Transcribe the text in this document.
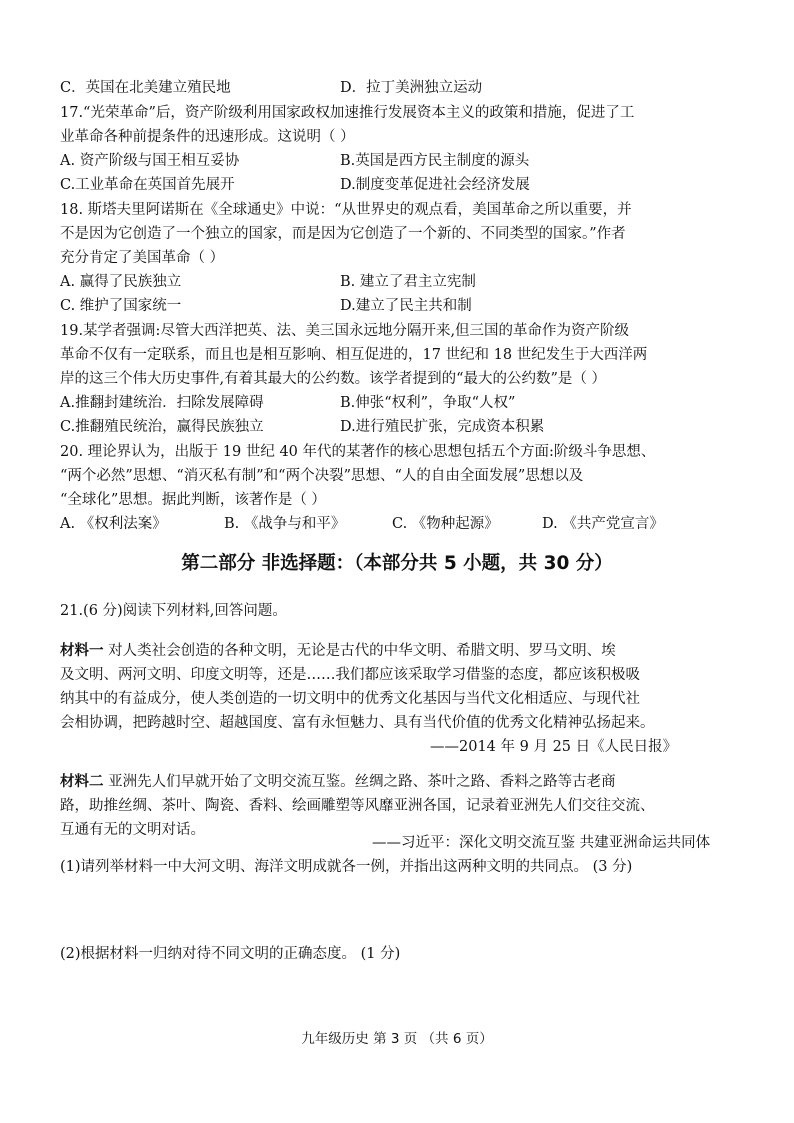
C．英国在北美建立殖民地	D．拉丁美洲独立运动
17.“光荣革命”后，资产阶级利用国家政权加速推行发展资本主义的政策和措施，促进了工
业革命各种前提条件的迅速形成。这说明（ ）
A. 资产阶级与国王相互妥协	B.英国是西方民主制度的源头
C.工业革命在英国首先展开	D.制度变革促进社会经济发展
18. 斯塔夫里阿诺斯在《全球通史》中说：“从世界史的观点看，美国革命之所以重要，并
不是因为它创造了一个独立的国家，而是因为它创造了一个新的、不同类型的国家。”作者
充分肯定了美国革命（ ）
A. 赢得了民族独立	B. 建立了君主立宪制
C. 维护了国家统一	D.建立了民主共和制
19.某学者强调:尽管大西洋把英、法、美三国永远地分隔开来,但三国的革命作为资产阶级
革命不仅有一定联系，而且也是相互影响、相互促进的，17 世纪和 18 世纪发生于大西洋两
岸的这三个伟大历史事件,有着其最大的公约数。该学者提到的“最大的公约数”是（ ）
A.推翻封建统治．扫除发展障碍	B.伸张“权利”，争取“人权”
C.推翻殖民统治，赢得民族独立	D.进行殖民扩张，完成资本积累
20. 理论界认为，出版于 19 世纪 40 年代的某著作的核心思想包括五个方面:阶级斗争思想、
“两个必然”思想、“消灭私有制”和“两个决裂”思想、“人的自由全面发展”思想以及
“全球化”思想。据此判断，该著作是（ ）
A. 《权利法案》	B. 《战争与和平》	C. 《物种起源》	D. 《共产党宣言》
第二部分 非选择题：（本部分共 5 小题，共 30 分）
21.(6 分)阅读下列材料,回答问题。
材料一 对人类社会创造的各种文明，无论是古代的中华文明、希腊文明、罗马文明、埃
及文明、两河文明、印度文明等，还是……我们都应该采取学习借鉴的态度，都应该积极吸
纳其中的有益成分，使人类创造的一切文明中的优秀文化基因与当代文化相适应、与现代社
会相协调，把跨越时空、超越国度、富有永恒魅力、具有当代价值的优秀文化精神弘扬起来。
——2014 年 9 月 25 日《人民日报》
材料二 亚洲先人们早就开始了文明交流互鉴。丝绸之路、茶叶之路、香料之路等古老商
路，助推丝绸、茶叶、陶瓷、香料、绘画雕塑等风靡亚洲各国，记录着亚洲先人们交往交流、
互通有无的文明对话。
——习近平：深化文明交流互鉴 共建亚洲命运共同体
(1)请列举材料一中大河文明、海洋文明成就各一例，并指出这两种文明的共同点。 (3 分)
(2)根据材料一归纳对待不同文明的正确态度。 (1 分)
九年级历史 第 3 页 （共 6 页）
